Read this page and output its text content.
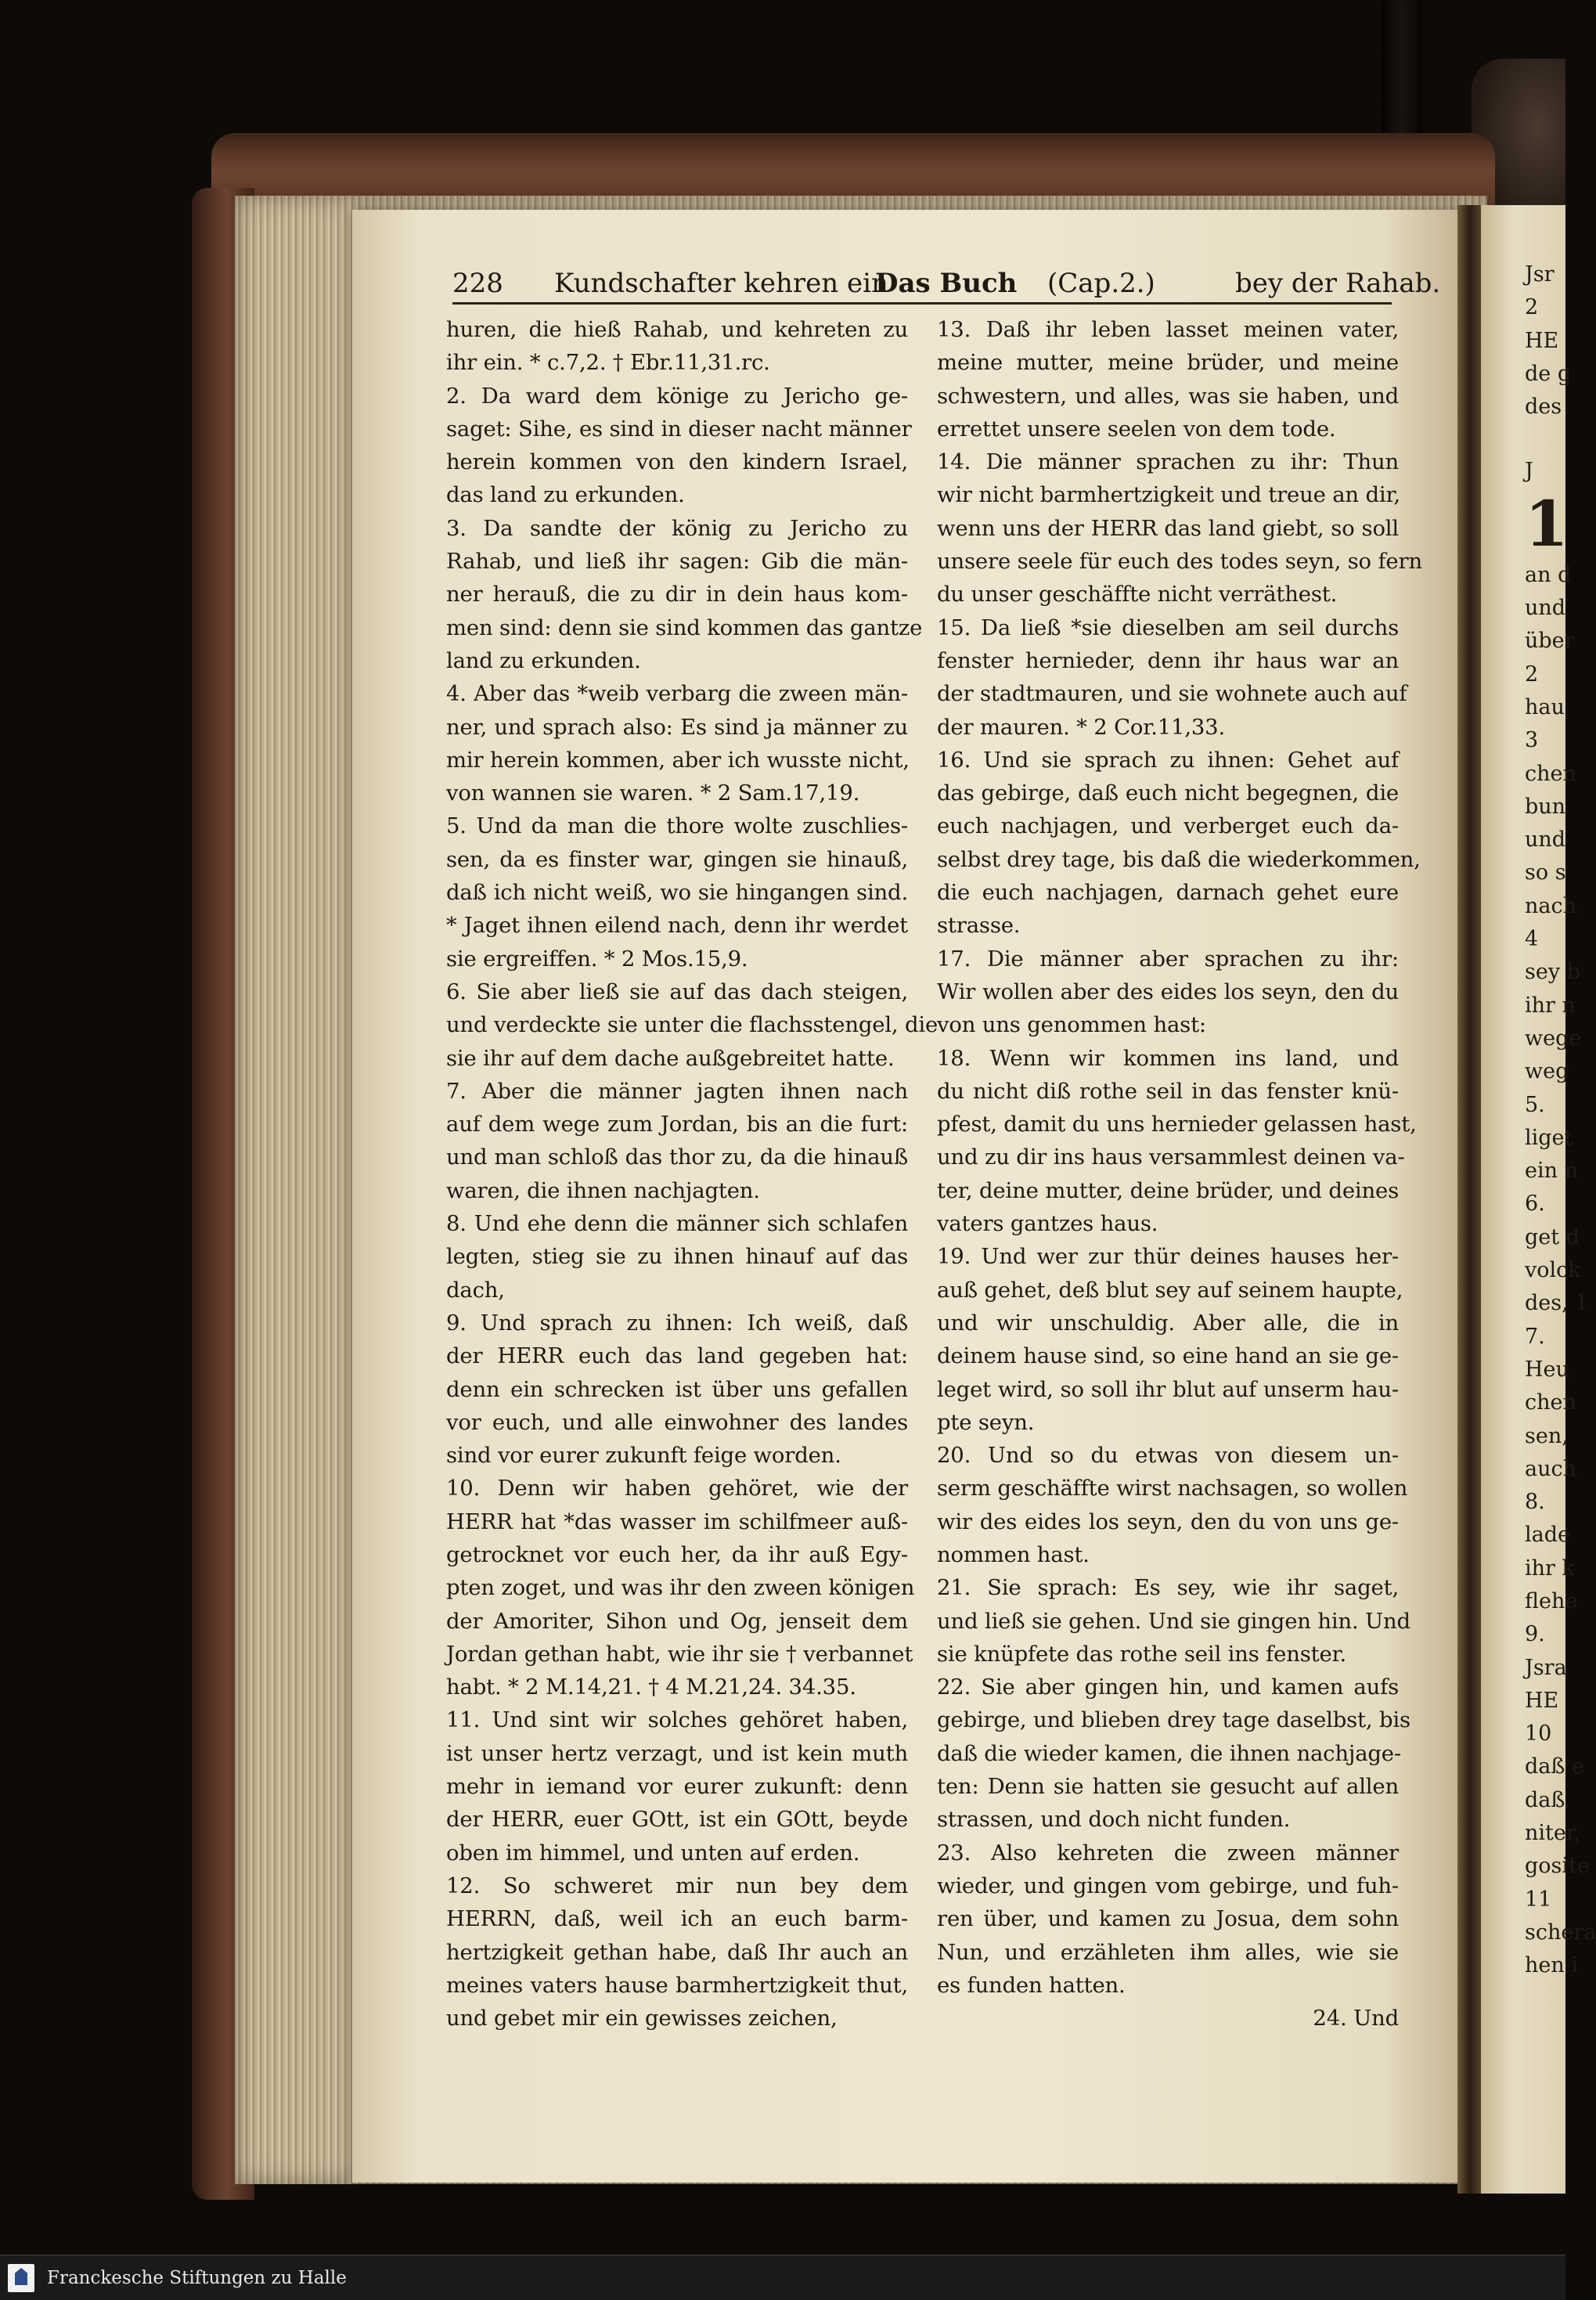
228 Kundschafter kehren ein
Das Buch (Cap.2.)	bey der Rahab.
huren, die hieß Rahab, und kehreten zu
ihr ein. * c.7,2. † Ebr.11,31.rc.
2. Da ward dem könige zu Jericho ge-
saget: Sihe, es sind in dieser nacht männer
herein kommen von den kindern Israel,
das land zu erkunden.
3. Da sandte der könig zu Jericho zu
Rahab, und ließ ihr sagen: Gib die män-
ner herauß, die zu dir in dein haus kom-
men sind: denn sie sind kommen das gantze
land zu erkunden.
4. Aber das *weib verbarg die zween män-
ner, und sprach also: Es sind ja männer zu
mir herein kommen, aber ich wusste nicht,
von wannen sie waren. * 2 Sam.17,19.
5. Und da man die thore wolte zuschlies-
sen, da es finster war, gingen sie hinauß,
daß ich nicht weiß, wo sie hingangen sind.
* Jaget ihnen eilend nach, denn ihr werdet
sie ergreiffen. * 2 Mos.15,9.
6. Sie aber ließ sie auf das dach steigen,
und verdeckte sie unter die flachsstengel, die
sie ihr auf dem dache außgebreitet hatte.
7. Aber die männer jagten ihnen nach
auf dem wege zum Jordan, bis an die furt:
und man schloß das thor zu, da die hinauß
waren, die ihnen nachjagten.
8. Und ehe denn die männer sich schlafen
legten, stieg sie zu ihnen hinauf auf das
dach,
9. Und sprach zu ihnen: Ich weiß, daß
der HERR euch das land gegeben hat:
denn ein schrecken ist über uns gefallen
vor euch, und alle einwohner des landes
sind vor eurer zukunft feige worden.
10. Denn wir haben gehöret, wie der
HERR hat *das wasser im schilfmeer auß-
getrocknet vor euch her, da ihr auß Egy-
pten zoget, und was ihr den zween königen
der Amoriter, Sihon und Og, jenseit dem
Jordan gethan habt, wie ihr sie † verbannet
habt. * 2 M.14,21. † 4 M.21,24. 34.35.
11. Und sint wir solches gehöret haben,
ist unser hertz verzagt, und ist kein muth
mehr in iemand vor eurer zukunft: denn
der HERR, euer GOtt, ist ein GOtt, beyde
oben im himmel, und unten auf erden.
12. So schweret mir nun bey dem
HERRN, daß, weil ich an euch barm-
hertzigkeit gethan habe, daß Ihr auch an
meines vaters hause barmhertzigkeit thut,
und gebet mir ein gewisses zeichen,
13. Daß ihr leben lasset meinen vater,
meine mutter, meine brüder, und meine
schwestern, und alles, was sie haben, und
errettet unsere seelen von dem tode.
14. Die männer sprachen zu ihr: Thun
wir nicht barmhertzigkeit und treue an dir,
wenn uns der HERR das land giebt, so soll
unsere seele für euch des todes seyn, so fern
du unser geschäffte nicht verräthest.
15. Da ließ *sie dieselben am seil durchs
fenster hernieder, denn ihr haus war an
der stadtmauren, und sie wohnete auch auf
der mauren. * 2 Cor.11,33.
16. Und sie sprach zu ihnen: Gehet auf
das gebirge, daß euch nicht begegnen, die
euch nachjagen, und verberget euch da-
selbst drey tage, bis daß die wiederkommen,
die euch nachjagen, darnach gehet eure
strasse.
17. Die männer aber sprachen zu ihr:
Wir wollen aber des eides los seyn, den du
von uns genommen hast:
18. Wenn wir kommen ins land, und
du nicht diß rothe seil in das fenster knü-
pfest, damit du uns hernieder gelassen hast,
und zu dir ins haus versammlest deinen va-
ter, deine mutter, deine brüder, und deines
vaters gantzes haus.
19. Und wer zur thür deines hauses her-
auß gehet, deß blut sey auf seinem haupte,
und wir unschuldig. Aber alle, die in
deinem hause sind, so eine hand an sie ge-
leget wird, so soll ihr blut auf unserm hau-
pte seyn.
20. Und so du etwas von diesem un-
serm geschäffte wirst nachsagen, so wollen
wir des eides los seyn, den du von uns ge-
nommen hast.
21. Sie sprach: Es sey, wie ihr saget,
und ließ sie gehen. Und sie gingen hin. Und
sie knüpfete das rothe seil ins fenster.
22. Sie aber gingen hin, und kamen aufs
gebirge, und blieben drey tage daselbst, bis
daß die wieder kamen, die ihnen nachjage-
ten: Denn sie hatten sie gesucht auf allen
strassen, und doch nicht funden.
23. Also kehreten die zween männer
wieder, und gingen vom gebirge, und fuh-
ren über, und kamen zu Josua, dem sohn
Nun, und erzähleten ihm alles, wie sie
es funden hatten.
24. Und
Jsr
2
HE
de g
des
J
1
an d
und
über
2
hau
3
chen
bun
und
so s
nach
4
sey b
ihr n
wege
weg
5.
liget
ein n
6.
get d
volck
des, 1
7.
Heu
chen
sen,
auch
8.
lade
ihr k
flehe
9.
Jsra
HE
10
daß e
daß
niter,
gosite
11
schera
hen i
Franckesche Stiftungen zu Halle
